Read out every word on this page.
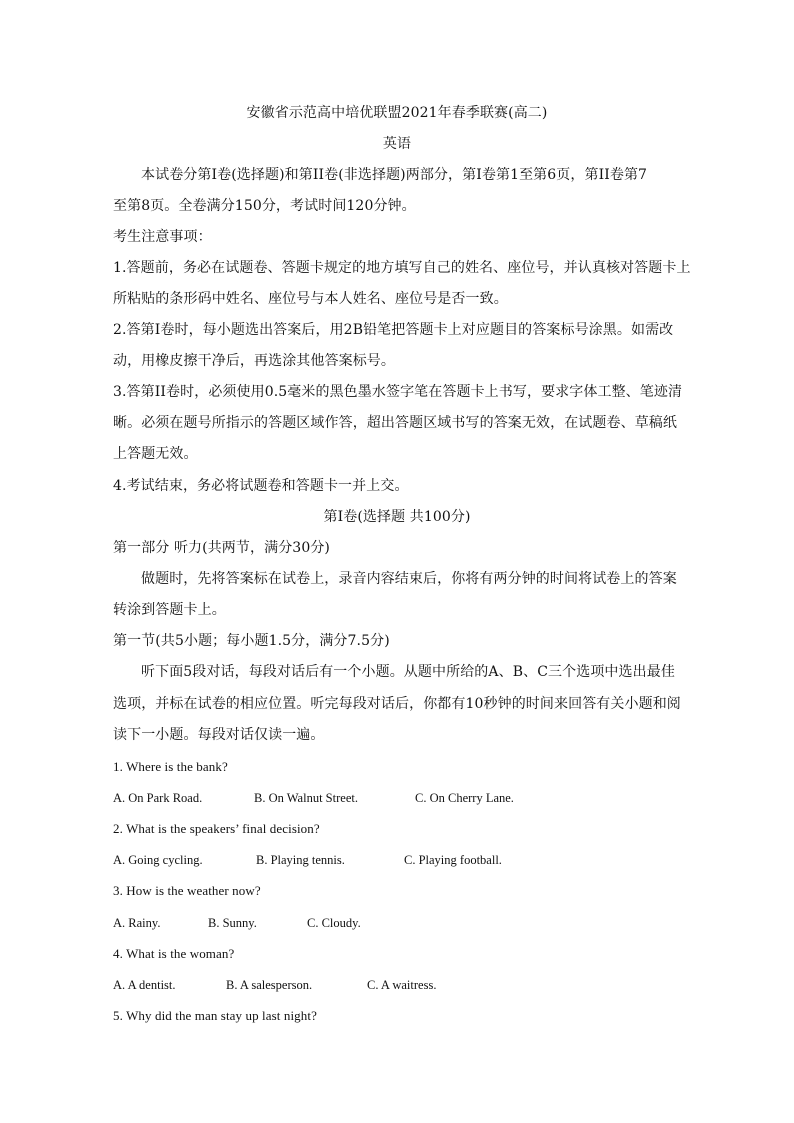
安徽省示范高中培优联盟2021年春季联赛(高二)
英语
本试卷分第I卷(选择题)和第II卷(非选择题)两部分，第I卷第1至第6页，第II卷第7
至第8页。全卷满分150分，考试时间120分钟。
考生注意事项：
1.答题前，务必在试题卷、答题卡规定的地方填写自己的姓名、座位号，并认真核对答题卡上
所粘贴的条形码中姓名、座位号与本人姓名、座位号是否一致。
2.答第I卷时，每小题选出答案后，用2B铅笔把答题卡上对应题目的答案标号涂黑。如需改
动，用橡皮擦干净后，再选涂其他答案标号。
3.答第II卷时，必须使用0.5毫米的黑色墨水签字笔在答题卡上书写，要求字体工整、笔迹清
晰。必须在题号所指示的答题区域作答，超出答题区域书写的答案无效，在试题卷、草稿纸
上答题无效。
4.考试结束，务必将试题卷和答题卡一并上交。
第I卷(选择题 共100分)
第一部分 听力(共两节，满分30分)
做题时，先将答案标在试卷上，录音内容结束后，你将有两分钟的时间将试卷上的答案
转涂到答题卡上。
第一节(共5小题；每小题1.5分，满分7.5分)
听下面5段对话，每段对话后有一个小题。从题中所给的A、B、C三个选项中选出最佳
选项，并标在试卷的相应位置。听完每段对话后，你都有10秒钟的时间来回答有关小题和阅
读下一小题。每段对话仅读一遍。
1. Where is the bank?
A. On Park Road.	B. On Walnut Street.	C. On Cherry Lane.
2. What is the speakers’ final decision?
A. Going cycling.	B. Playing tennis.	C. Playing football.
3. How is the weather now?
A. Rainy.	B. Sunny.	C. Cloudy.
4. What is the woman?
A. A dentist.	B. A salesperson.	C. A waitress.
5. Why did the man stay up last night?
